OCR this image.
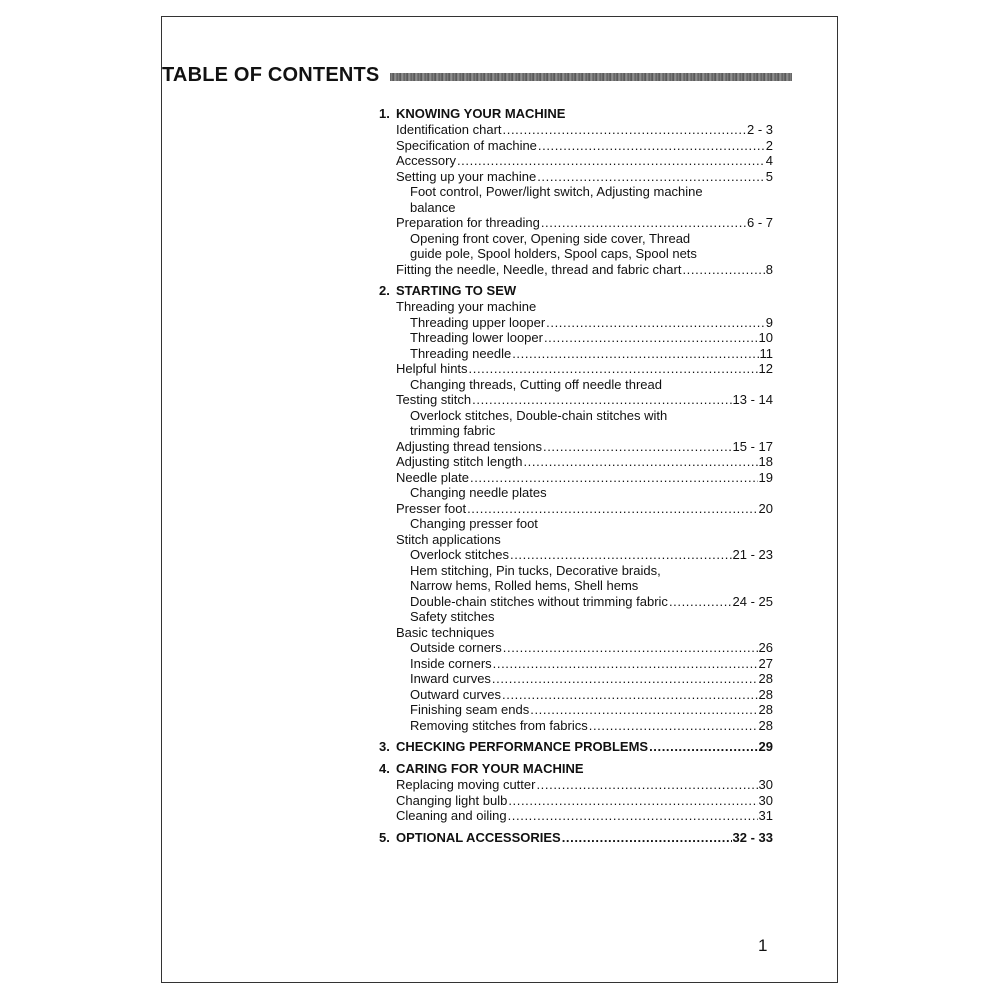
TABLE OF CONTENTS
1. KNOWING YOUR MACHINE
Identification chart .....	2 - 3
Specification of machine .....	2
Accessory .....	4
Setting up your machine .....	5
Foot control, Power/light switch, Adjusting machine
balance
Preparation for threading .....	6 - 7
Opening front cover, Opening side cover, Thread
guide pole, Spool holders, Spool caps, Spool nets
Fitting the needle, Needle, thread and fabric chart .....	8
2. STARTING TO SEW
Threading your machine
Threading upper looper .....	9
Threading lower looper .....	10
Threading needle .....	11
Helpful hints .....	12
Changing threads, Cutting off needle thread
Testing stitch .....	13 - 14
Overlock stitches, Double-chain stitches with
trimming fabric
Adjusting thread tensions .....	15 - 17
Adjusting stitch length .....	18
Needle plate .....	19
Changing needle plates
Presser foot .....	20
Changing presser foot
Stitch applications
Overlock stitches .....	21 - 23
Hem stitching, Pin tucks, Decorative braids,
Narrow hems, Rolled hems, Shell hems
Double-chain stitches without trimming fabric .....	24 - 25
Safety stitches
Basic techniques
Outside corners .....	26
Inside corners .....	27
Inward curves .....	28
Outward curves .....	28
Finishing seam ends .....	28
Removing stitches from fabrics .....	28
3. CHECKING PERFORMANCE PROBLEMS .....	29
4. CARING FOR YOUR MACHINE
Replacing moving cutter .....	30
Changing light bulb .....	30
Cleaning and oiling .....	31
5. OPTIONAL ACCESSORIES .....	32 - 33
1
